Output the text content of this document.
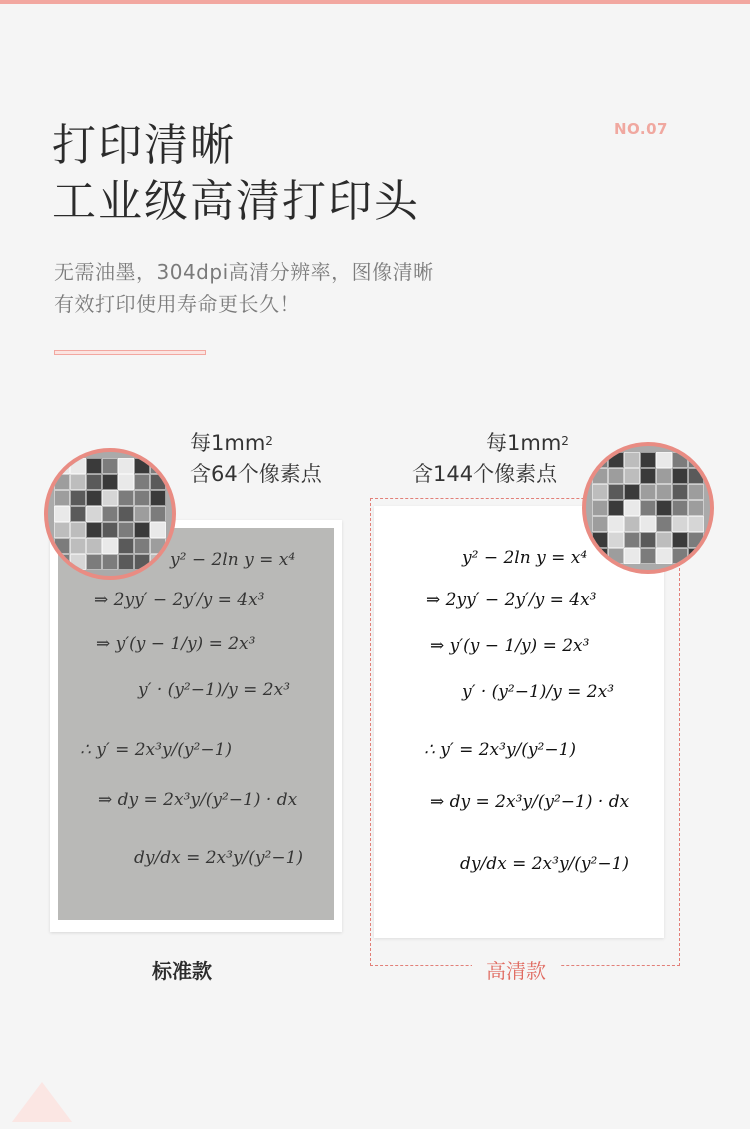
NO.07
打印清晰
工业级高清打印头
无需油墨，304dpi高清分辨率，图像清晰
有效打印使用寿命更长久！
每$1mm^2$
含64个像素点
每$1mm^2$
含144个像素点
y² − 2ln y = x⁴
⇒ 2yy′ − 2y′/y = 4x³
⇒ y′(y − 1/y) = 2x³
y′ · (y²−1)/y = 2x³
∴ y′ = 2x³y/(y²−1)
⇒ dy = 2x³y/(y²−1) · dx
dy/dx = 2x³y/(y²−1)
y² − 2ln y = x⁴
⇒ 2yy′ − 2y′/y = 4x³
⇒ y′(y − 1/y) = 2x³
y′ · (y²−1)/y = 2x³
∴ y′ = 2x³y/(y²−1)
⇒ dy = 2x³y/(y²−1) · dx
dy/dx = 2x³y/(y²−1)
标准款	高清款
